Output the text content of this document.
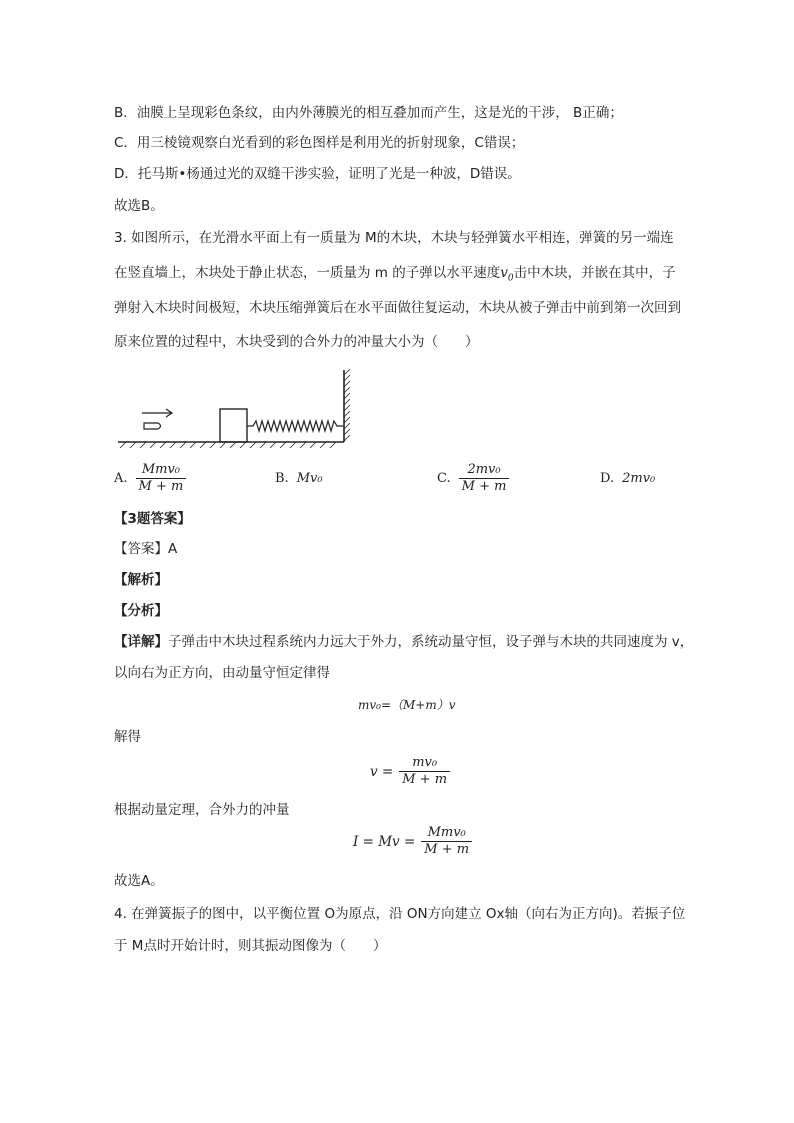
B．油膜上呈现彩色条纹，由内外薄膜光的相互叠加而产生，这是光的干涉， B正确；
C．用三棱镜观察白光看到的彩色图样是利用光的折射现象，C错误；
D．托马斯•杨通过光的双缝干涉实验，证明了光是一种波，D错误。
故选B。
3. 如图所示，在光滑水平面上有一质量为 M的木块，木块与轻弹簧水平相连，弹簧的另一端连
在竖直墙上，木块处于静止状态，一质量为 m 的子弹以水平速度$v_0$击中木块，并嵌在其中，子
弹射入木块时间极短，木块压缩弹簧后在水平面做往复运动，木块从被子弹击中前到第一次回到
原来位置的过程中，木块受到的合外力的冲量大小为（　　）
A. $\frac{\text{Mmv₀}}{M + m}$	B. Mv₀	C. $\frac{\text{2mv₀}}{M + m}$	D. 2mv₀
【3题答案】
【答案】A
【解析】
【分析】
【详解】子弹击中木块过程系统内力远大于外力，系统动量守恒，设子弹与木块的共同速度为 v，
以向右为正方向，由动量守恒定律得
mv₀=（M+m）v
解得
$v = \frac{\text{mv₀}}{M + m}$
根据动量定理，合外力的冲量
$I = Mv = \frac{\text{Mmv₀}}{M + m}$
故选A。
4. 在弹簧振子的图中，以平衡位置 O为原点，沿 ON方向建立 Ox轴（向右为正方向)。若振子位
于 M点时开始计时，则其振动图像为（　　）
